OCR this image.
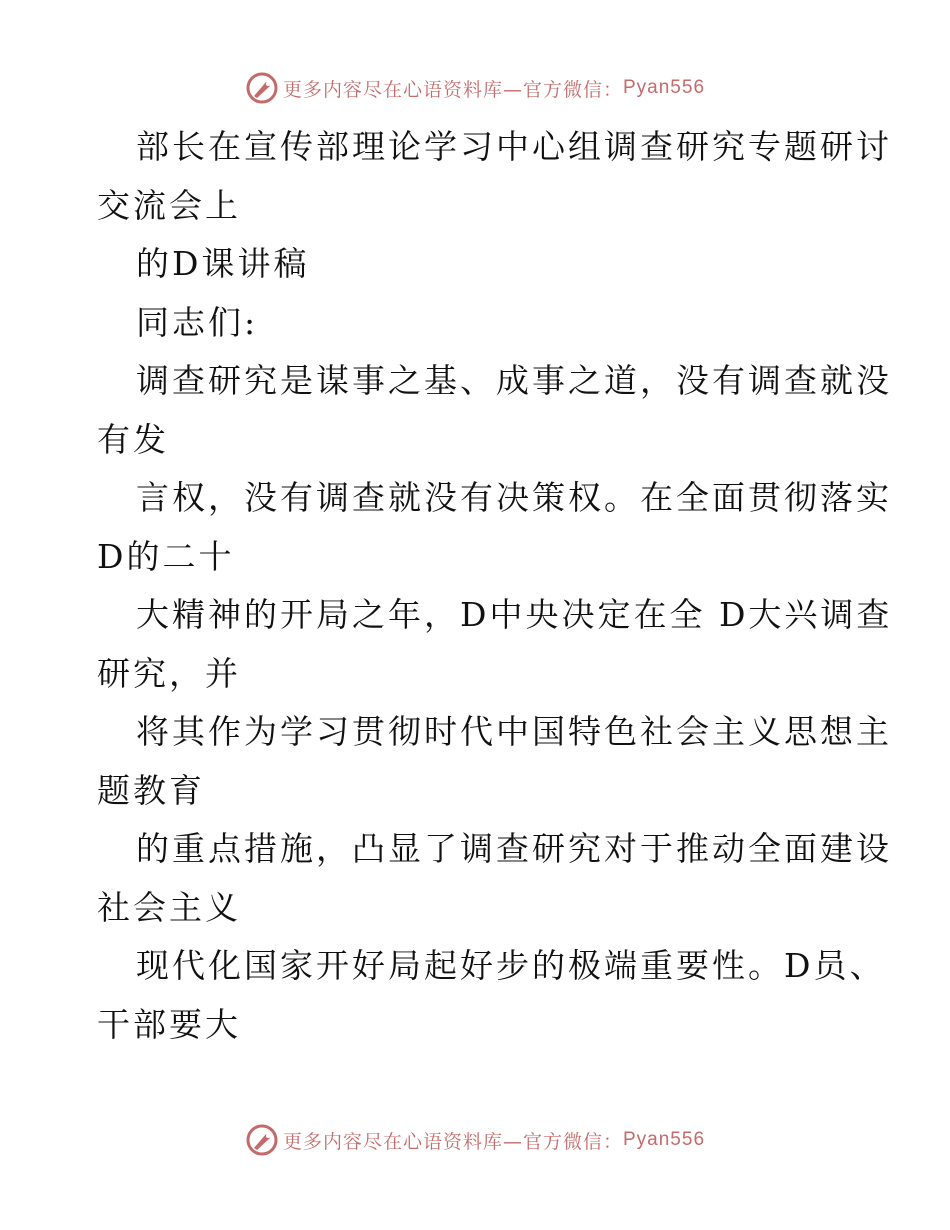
更多内容尽在心语资料库—官方微信： Pyan556
部长在宣传部理论学习中心组调查研究专题研讨
交流会上
的D课讲稿
同志们:
调查研究是谋事之基、成事之道，没有调查就没
有发
言权，没有调查就没有决策权。在全面贯彻落实
D的二十
大精神的开局之年，D中央决定在全 D大兴调查
研究，并
将其作为学习贯彻时代中国特色社会主义思想主
题教育
的重点措施，凸显了调查研究对于推动全面建设
社会主义
现代化国家开好局起好步的极端重要性。D员、
干部要大
更多内容尽在心语资料库—官方微信： Pyan556
